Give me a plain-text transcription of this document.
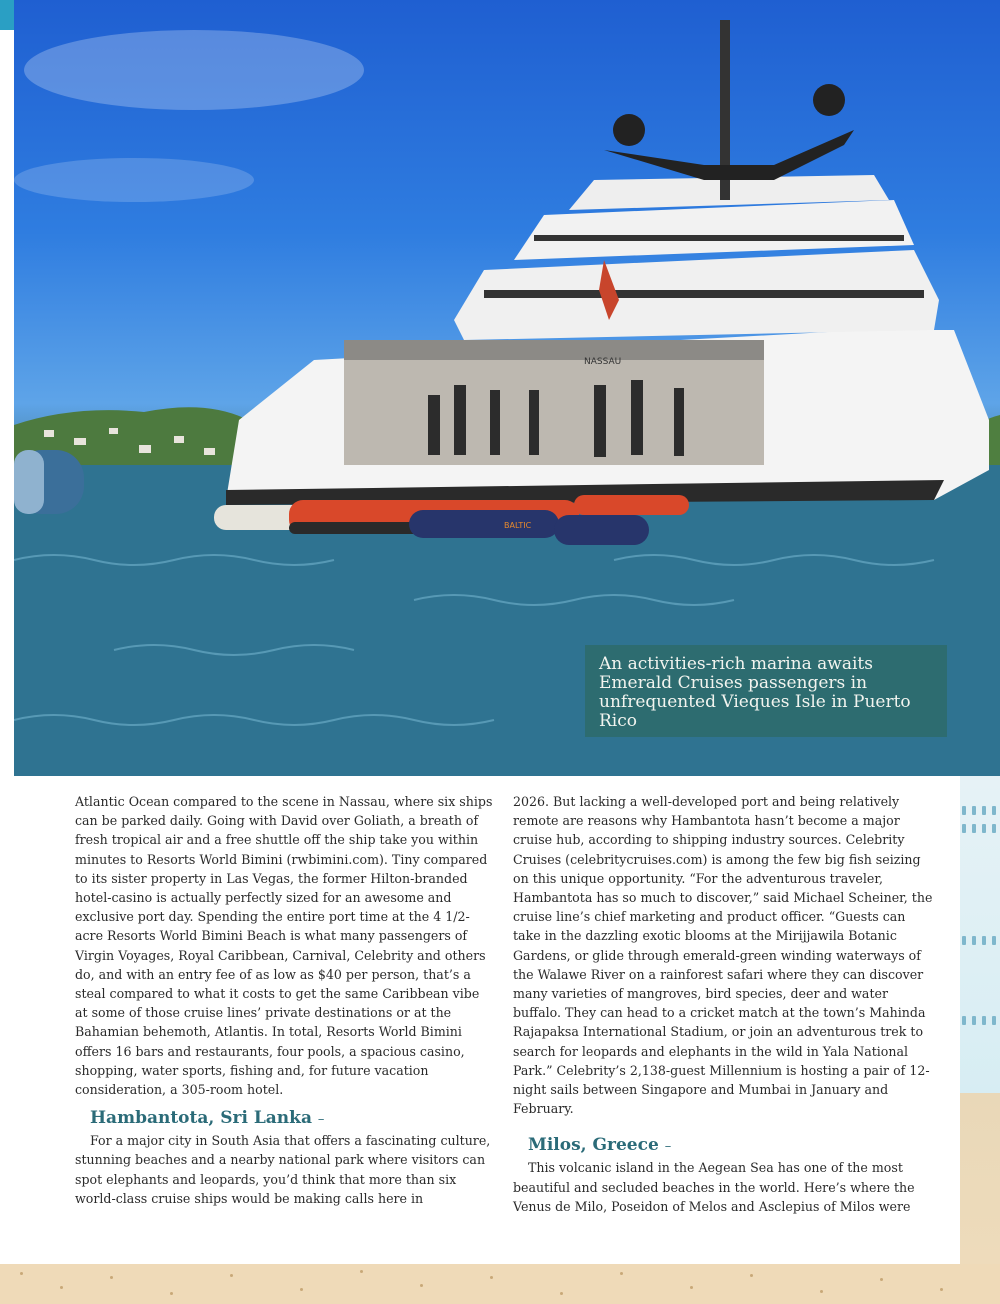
NASSAU
BALTIC
An activities-rich marina awaits Emerald Cruises passengers in unfrequented Vieques Isle in Puerto Rico

Atlantic Ocean compared to the scene in Nassau, where six ships can be parked daily. Going with David over Goliath, a breath of fresh tropical air and a free shuttle off the ship take you within minutes to Resorts World Bimini (rwbimini.com). Tiny compared to its sister property in Las Vegas, the former Hilton-branded hotel-casino is actually perfectly sized for an awesome and exclusive port day. Spending the entire port time at the 4 1/2-acre Resorts World Bimini Beach is what many passengers of Virgin Voyages, Royal Caribbean, Carnival, Celebrity and others do, and with an entry fee of as low as $40 per person, that’s a steal compared to what it costs to get the same Caribbean vibe at some of those cruise lines’ private destinations or at the Bahamian behemoth, Atlantis. In total, Resorts World Bimini offers 16 bars and restaurants, four pools, a spacious casino, shopping, water sports, fishing and, for future vacation consideration, a 305-room hotel.

Hambantota, Sri Lanka –

For a major city in South Asia that offers a fascinating culture, stunning beaches and a nearby national park where visitors can spot elephants and leopards, you’d think that more than six world-class cruise ships would be making calls here in

2026. But lacking a well-developed port and being relatively remote are reasons why Hambantota hasn’t become a major cruise hub, according to shipping industry sources. Celebrity Cruises (celebritycruises.com) is among the few big fish seizing on this unique opportunity. “For the adventurous traveler, Hambantota has so much to discover,” said Michael Scheiner, the cruise line’s chief marketing and product officer. “Guests can take in the dazzling exotic blooms at the Mirijjawila Botanic Gardens, or glide through emerald-green winding waterways of the Walawe River on a rainforest safari where they can discover many varieties of mangroves, bird species, deer and water buffalo. They can head to a cricket match at the town’s Mahinda Rajapaksa International Stadium, or join an adventurous trek to search for leopards and elephants in the wild in Yala National Park.” Celebrity’s 2,138-guest Millennium is hosting a pair of 12-night sails between Singapore and Mumbai in January and February.

Milos, Greece –

This volcanic island in the Aegean Sea has one of the most beautiful and secluded beaches in the world. Here’s where the Venus de Milo, Poseidon of Melos and Asclepius of Milos were
